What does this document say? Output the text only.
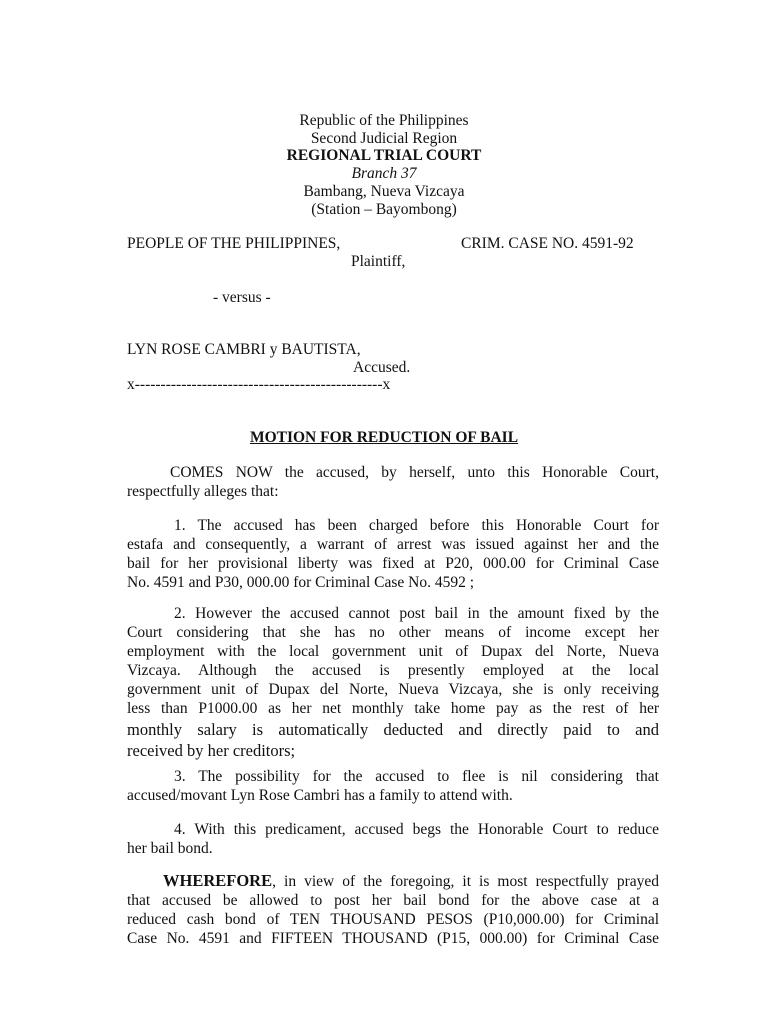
Republic of the Philippines
Second Judicial Region
REGIONAL TRIAL COURT
Branch 37
Bambang, Nueva Vizcaya
(Station – Bayombong)
PEOPLE OF THE PHILIPPINES,	CRIM. CASE NO. 4591-92
Plaintiff,
- versus -
LYN ROSE CAMBRI y BAUTISTA,
Accused.
x------------------------------------------------x
MOTION FOR REDUCTION OF BAIL
COMES NOW the accused, by herself, unto this Honorable Court,
respectfully alleges that:
1. The accused has been charged before this Honorable Court for
estafa and consequently, a warrant of arrest was issued against her and the
bail for her provisional liberty was fixed at P20, 000.00 for Criminal Case
No. 4591 and P30, 000.00 for Criminal Case No. 4592 ;
2. However the accused cannot post bail in the amount fixed by the
Court considering that she has no other means of income except her
employment with the local government unit of Dupax del Norte, Nueva
Vizcaya. Although the accused is presently employed at the local
government unit of Dupax del Norte, Nueva Vizcaya, she is only receiving
less than P1000.00 as her net monthly take home pay as the rest of her
monthly salary is automatically deducted and directly paid to and
received by her creditors;
3. The possibility for the accused to flee is nil considering that
accused/movant Lyn Rose Cambri has a family to attend with.
4. With this predicament, accused begs the Honorable Court to reduce
her bail bond.
WHEREFORE, in view of the foregoing, it is most respectfully prayed
that accused be allowed to post her bail bond for the above case at a
reduced cash bond of TEN THOUSAND PESOS (P10,000.00) for Criminal
Case No. 4591 and FIFTEEN THOUSAND (P15, 000.00) for Criminal Case
